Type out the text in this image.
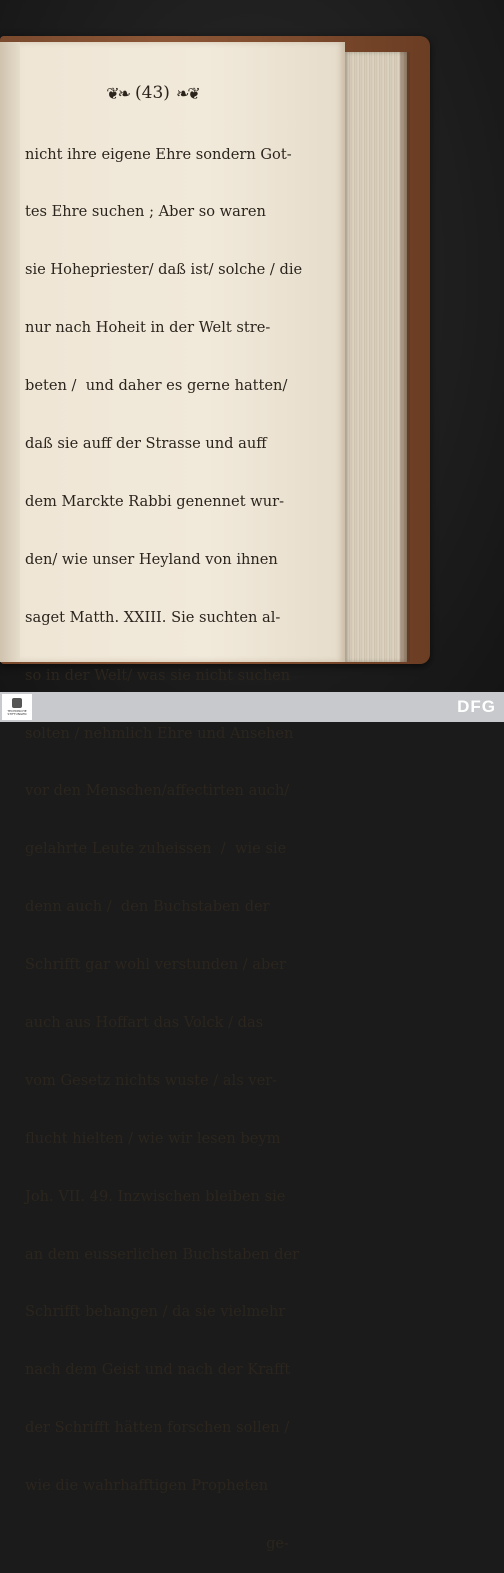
❦❧ (43) ❧❦

nicht ihre eigene Ehre sondern Got-

tes Ehre suchen ; Aber so waren

sie Hohepriester/ daß ist/ solche / die

nur nach Hoheit in der Welt stre-

beten /  und daher es gerne hatten/

daß sie auff der Strasse und auff

dem Marckte Rabbi genennet wur-

den/ wie unser Heyland von ihnen

saget Matth. XXIII. Sie suchten al-

so in der Welt/ was sie nicht suchen

solten / nehmlich Ehre und Ansehen

vor den Menschen/affectirten auch/

gelahrte Leute zuheissen  /  wie sie

denn auch /  den Buchstaben der

Schrifft gar wohl verstunden / aber

auch aus Hoffart das Volck / das

vom Gesetz nichts wuste / als ver-

flucht hielten / wie wir lesen beym

Joh. VII. 49. Inzwischen bleiben sie

an dem eusserlichen Buchstaben der

Schrifft behangen / da sie vielmehr

nach dem Geist und nach der Krafft

der Schrifft hätten forschen sollen /

wie die wahrhafftigen Propheten

ge-

TECHNISCHE STIFTUNGEN	DFG
